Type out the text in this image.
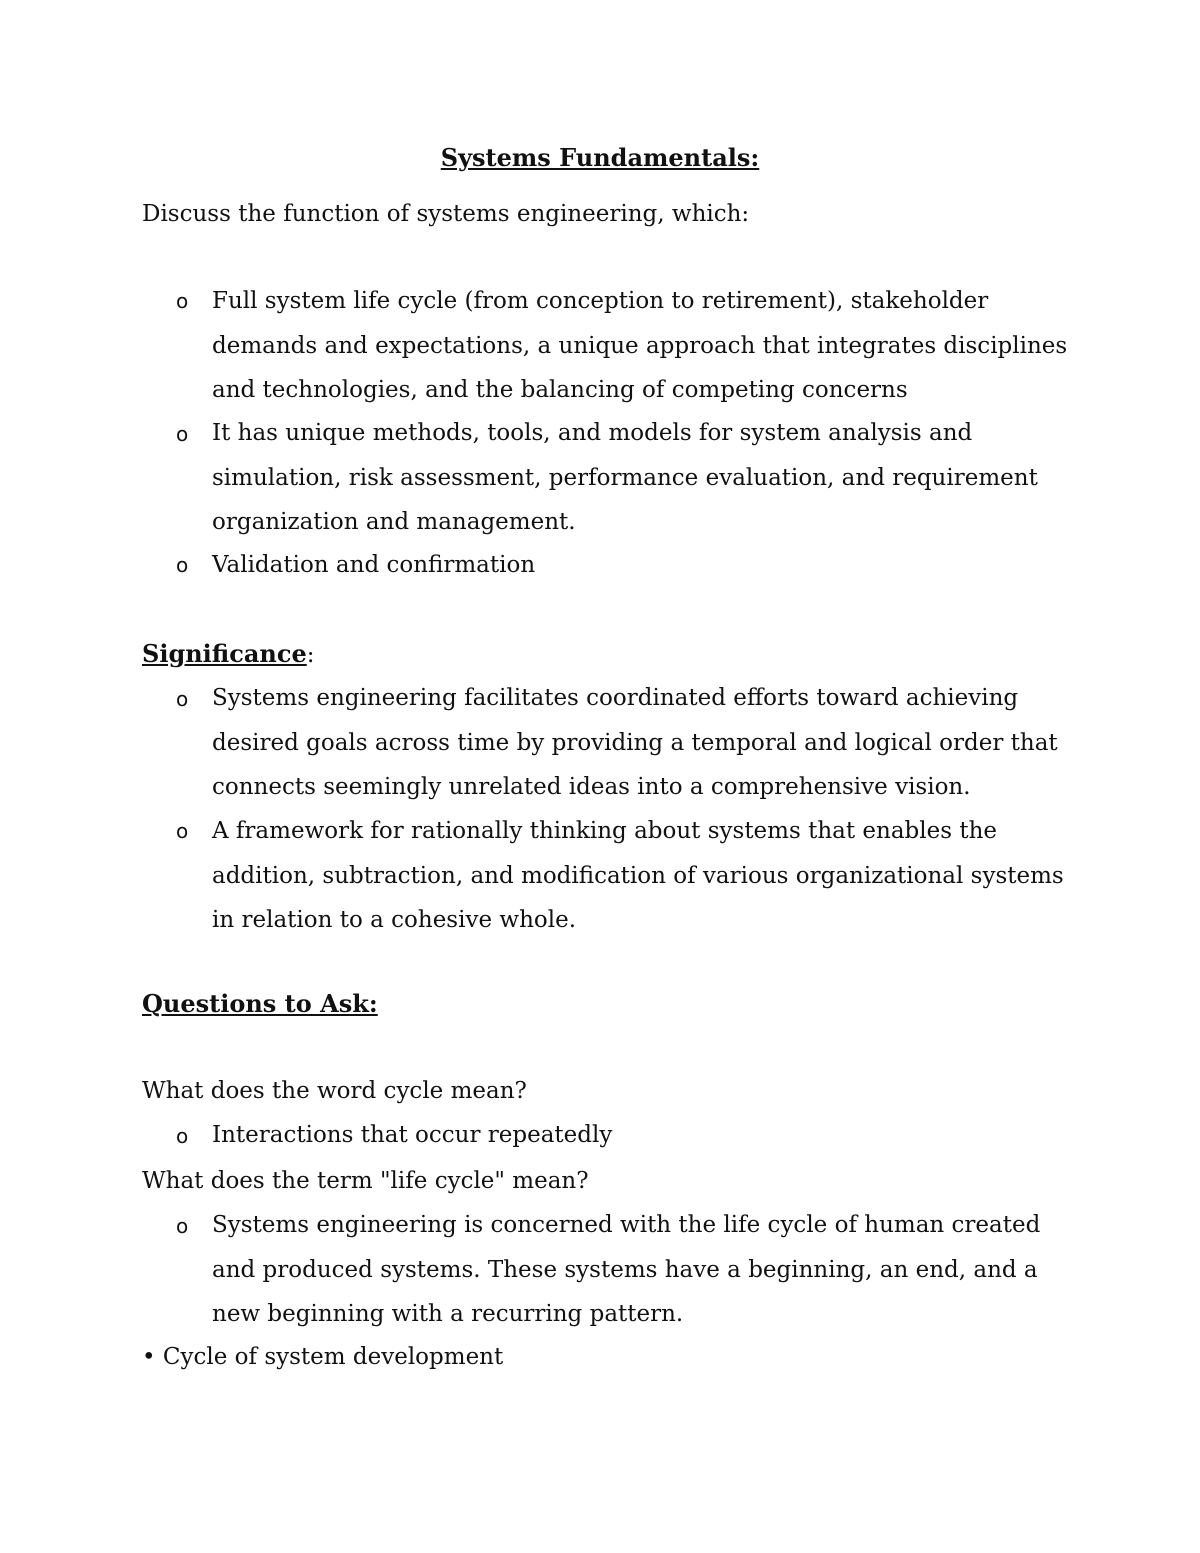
Systems Fundamentals:
Discuss the function of systems engineering, which:
o Full system life cycle (from conception to retirement), stakeholder demands and expectations, a unique approach that integrates disciplines and technologies, and the balancing of competing concerns
o It has unique methods, tools, and models for system analysis and simulation, risk assessment, performance evaluation, and requirement organization and management.
o Validation and confirmation
Significance:
o Systems engineering facilitates coordinated efforts toward achieving desired goals across time by providing a temporal and logical order that connects seemingly unrelated ideas into a comprehensive vision.
o A framework for rationally thinking about systems that enables the addition, subtraction, and modification of various organizational systems in relation to a cohesive whole.
Questions to Ask:
What does the word cycle mean?
o Interactions that occur repeatedly
What does the term "life cycle" mean?
o Systems engineering is concerned with the life cycle of human created and produced systems. These systems have a beginning, an end, and a new beginning with a recurring pattern.
• Cycle of system development
